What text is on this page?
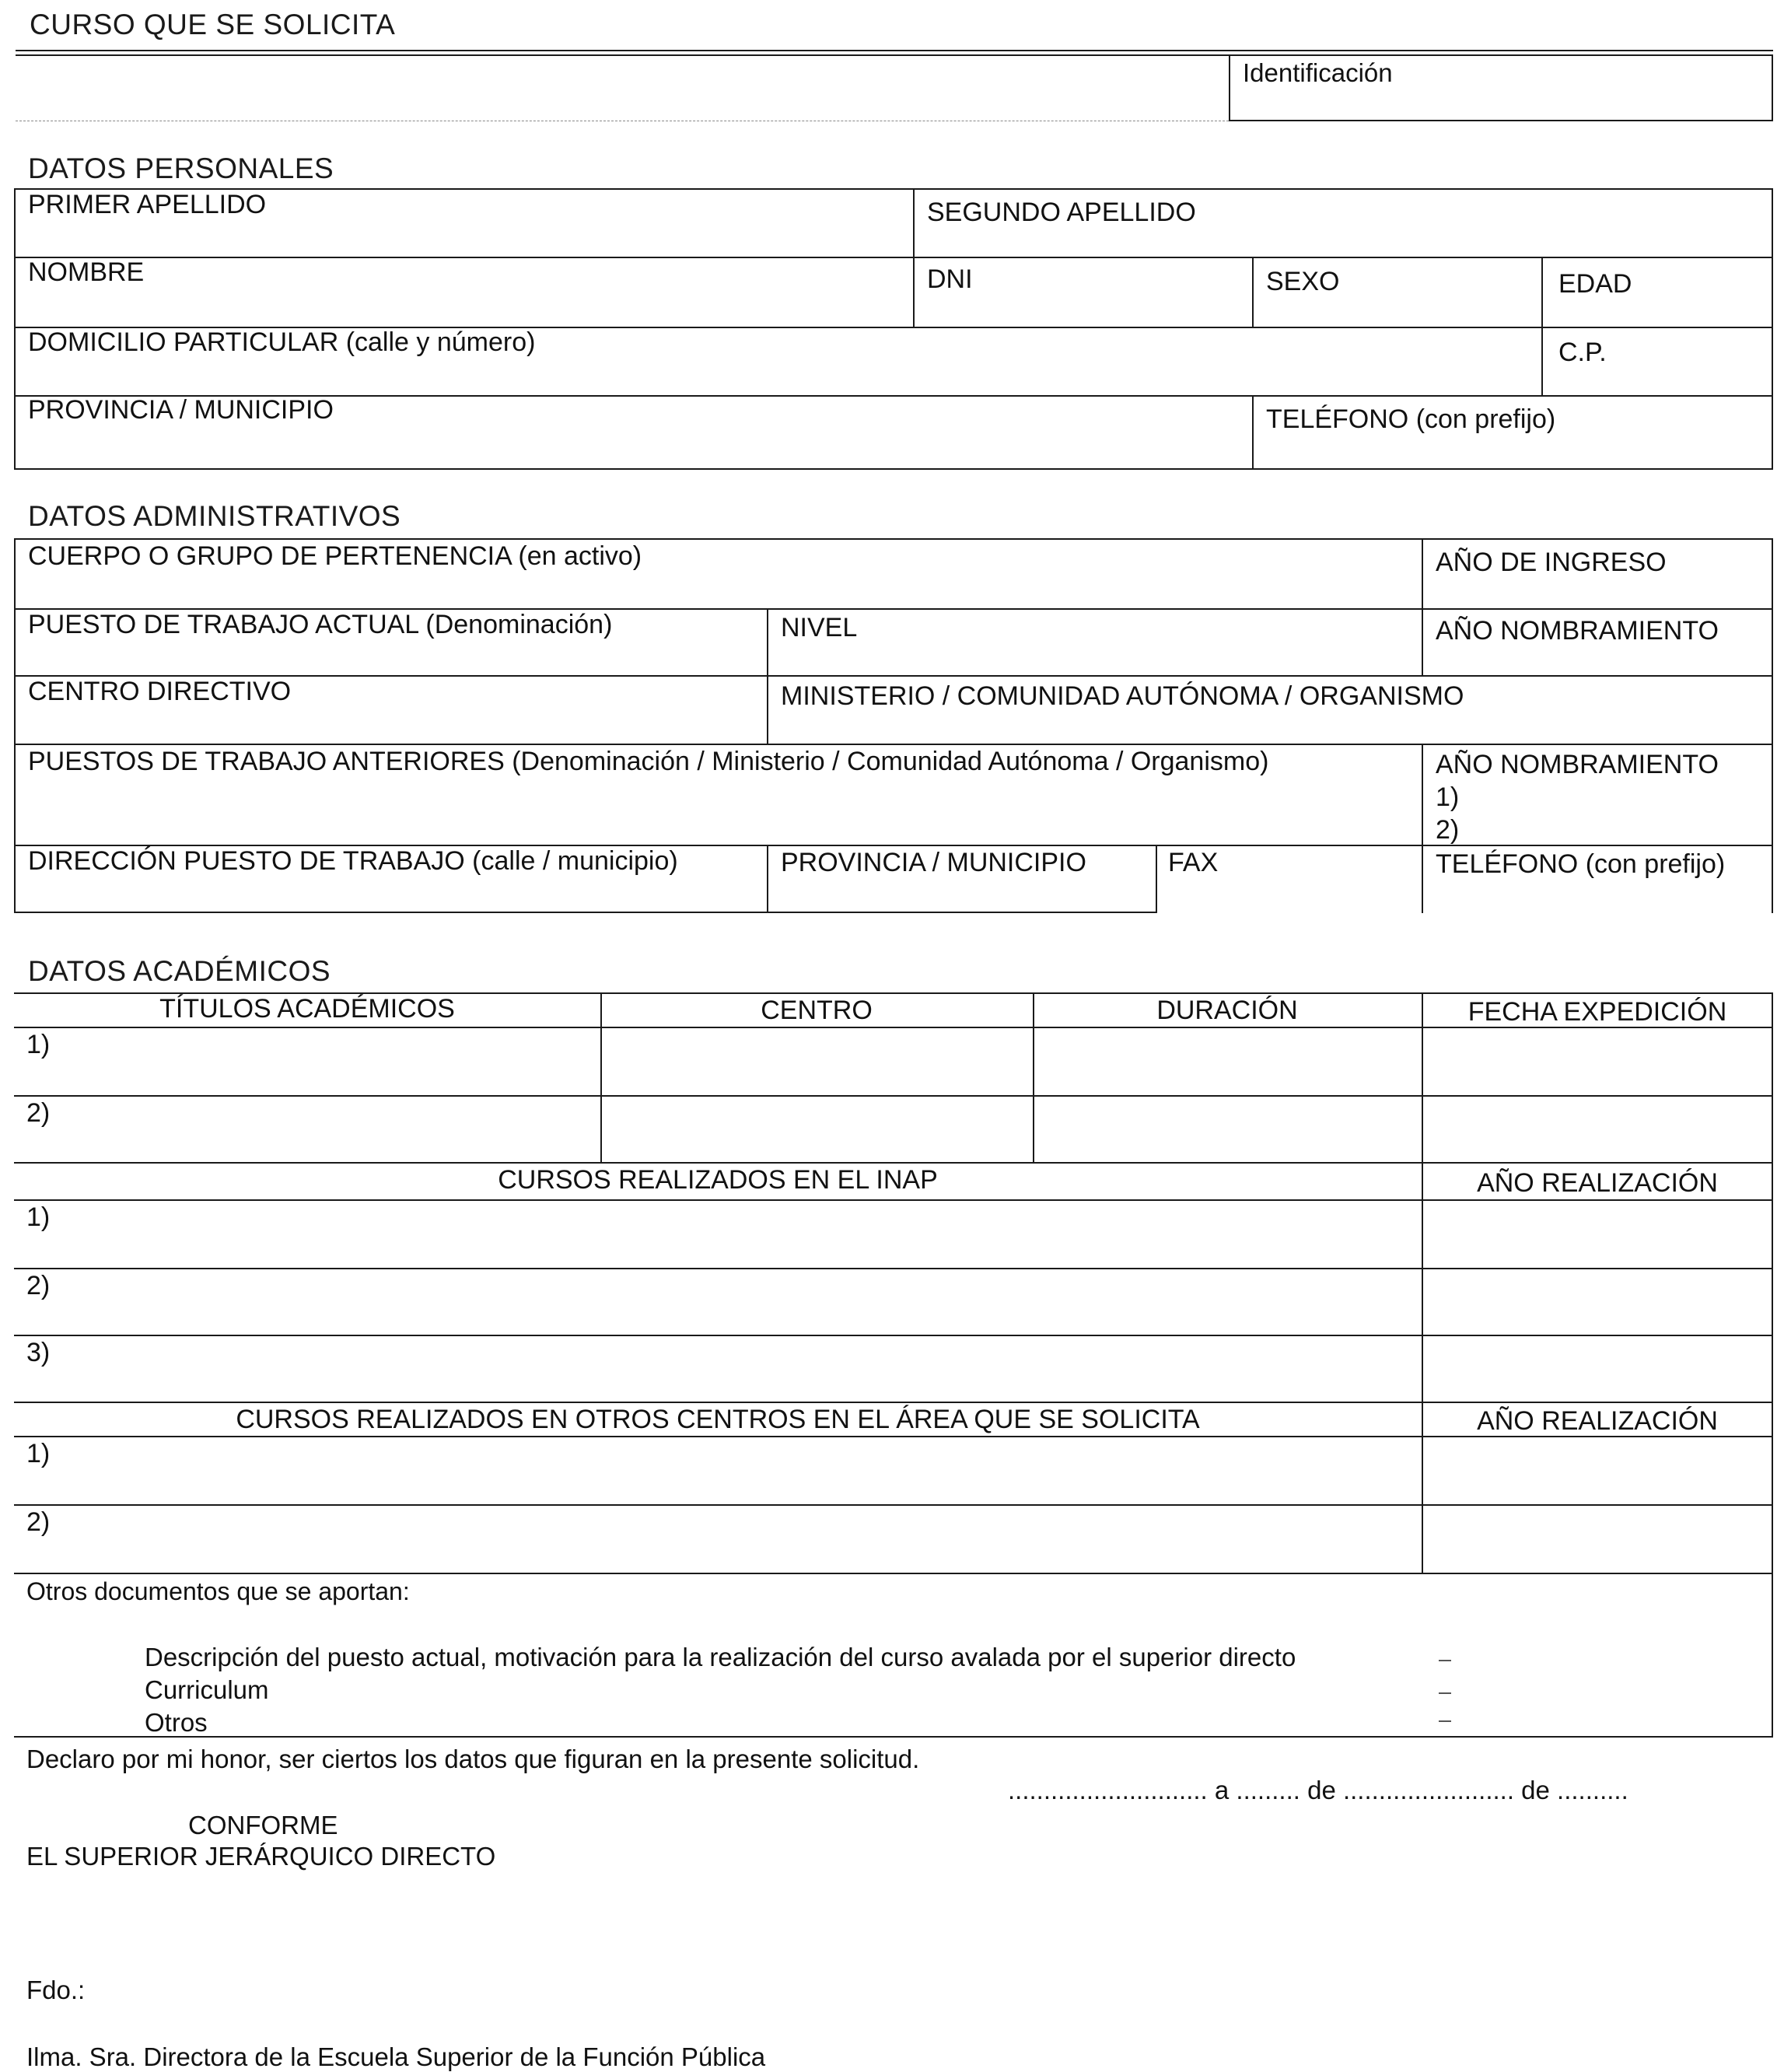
CURSO QUE SE SOLICITA
Identificación
DATOS PERSONALES
PRIMER APELLIDO	SEGUNDO APELLIDO
NOMBRE	DNI	SEXO	EDAD
DOMICILIO PARTICULAR (calle y número)	C.P.
PROVINCIA / MUNICIPIO	TELÉFONO (con prefijo)
DATOS ADMINISTRATIVOS
CUERPO O GRUPO DE PERTENENCIA (en activo)	AÑO DE INGRESO
PUESTO DE TRABAJO ACTUAL (Denominación)	NIVEL	AÑO NOMBRAMIENTO
CENTRO DIRECTIVO	MINISTERIO / COMUNIDAD AUTÓNOMA / ORGANISMO
PUESTOS DE TRABAJO ANTERIORES (Denominación / Ministerio / Comunidad Autónoma / Organismo)	AÑO NOMBRAMIENTO
1)
2)
DIRECCIÓN PUESTO DE TRABAJO (calle / municipio)	PROVINCIA / MUNICIPIO	FAX	TELÉFONO (con prefijo)
DATOS ACADÉMICOS
TÍTULOS ACADÉMICOS	CENTRO	DURACIÓN	FECHA EXPEDICIÓN
1)
2)
CURSOS REALIZADOS EN EL INAP	AÑO REALIZACIÓN
1)
2)
3)
CURSOS REALIZADOS EN OTROS CENTROS EN EL ÁREA QUE SE SOLICITA	AÑO REALIZACIÓN
1)
2)
Otros documentos que se aportan:
Descripción del puesto actual, motivación para la realización del curso avalada por el superior directo
Curriculum
Otros
Declaro por mi honor, ser ciertos los datos que figuran en la presente solicitud.
............................ a ......... de ........................ de ..........
CONFORME
EL SUPERIOR JERÁRQUICO DIRECTO
Fdo.:
Ilma. Sra. Directora de la Escuela Superior de la Función Pública
